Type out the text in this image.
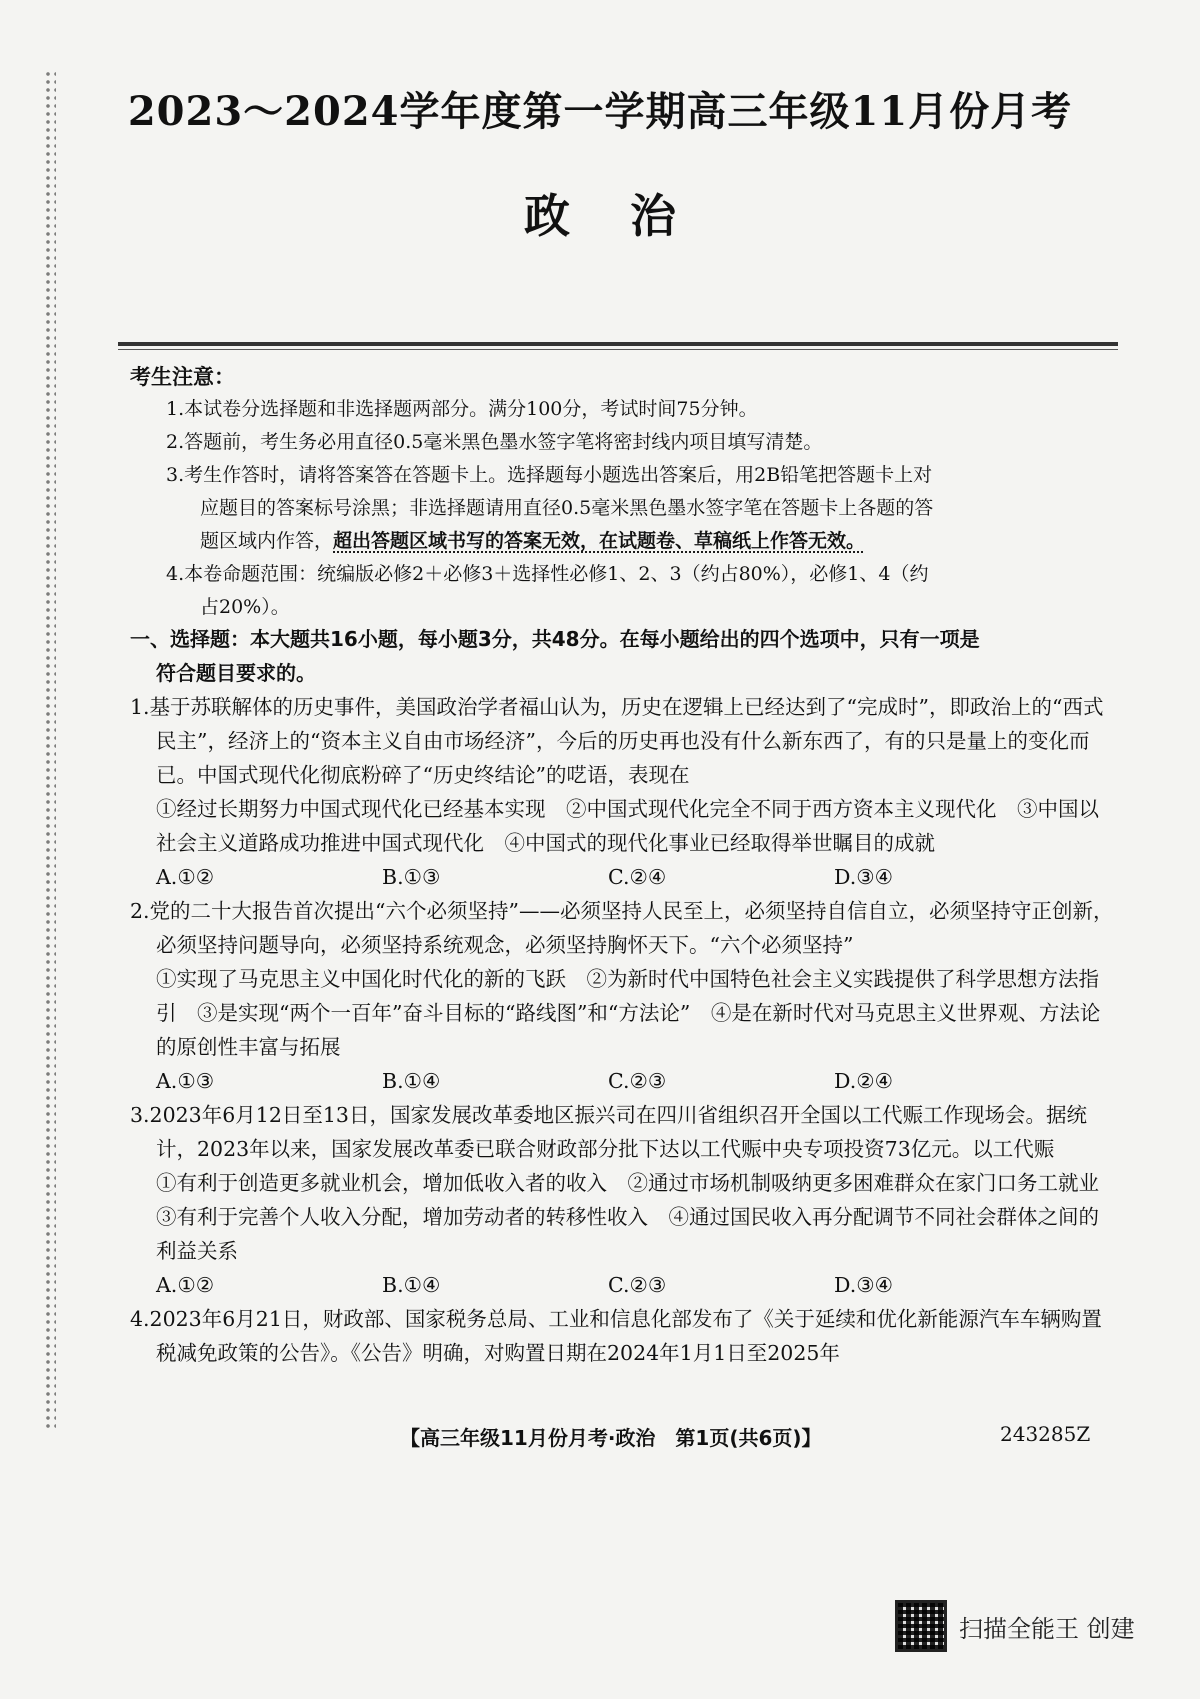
2023～2024学年度第一学期高三年级11月份月考
政治
考生注意：
1.本试卷分选择题和非选择题两部分。满分100分，考试时间75分钟。
2.答题前，考生务必用直径0.5毫米黑色墨水签字笔将密封线内项目填写清楚。
3.考生作答时，请将答案答在答题卡上。选择题每小题选出答案后，用2B铅笔把答题卡上对
应题目的答案标号涂黑；非选择题请用直径0.5毫米黑色墨水签字笔在答题卡上各题的答
题区域内作答，超出答题区域书写的答案无效，在试题卷、草稿纸上作答无效。
4.本卷命题范围：统编版必修2＋必修3＋选择性必修1、2、3（约占80%），必修1、4（约
占20%）。
一、选择题：本大题共16小题，每小题3分，共48分。在每小题给出的四个选项中，只有一项是
符合题目要求的。
1.基于苏联解体的历史事件，美国政治学者福山认为，历史在逻辑上已经达到了“完成时”，即政治上的“西式民主”，经济上的“资本主义自由市场经济”，今后的历史再也没有什么新东西了，有的只是量上的变化而已。中国式现代化彻底粉碎了“历史终结论”的呓语，表现在
①经过长期努力中国式现代化已经基本实现　②中国式现代化完全不同于西方资本主义现代化　③中国以社会主义道路成功推进中国式现代化　④中国式的现代化事业已经取得举世瞩目的成就
A.①②	B.①③	C.②④	D.③④
2.党的二十大报告首次提出“六个必须坚持”——必须坚持人民至上，必须坚持自信自立，必须坚持守正创新，必须坚持问题导向，必须坚持系统观念，必须坚持胸怀天下。“六个必须坚持”
①实现了马克思主义中国化时代化的新的飞跃　②为新时代中国特色社会主义实践提供了科学思想方法指引　③是实现“两个一百年”奋斗目标的“路线图”和“方法论”　④是在新时代对马克思主义世界观、方法论的原创性丰富与拓展
A.①③	B.①④	C.②③	D.②④
3.2023年6月12日至13日，国家发展改革委地区振兴司在四川省组织召开全国以工代赈工作现场会。据统计，2023年以来，国家发展改革委已联合财政部分批下达以工代赈中央专项投资73亿元。以工代赈
①有利于创造更多就业机会，增加低收入者的收入　②通过市场机制吸纳更多困难群众在家门口务工就业　③有利于完善个人收入分配，增加劳动者的转移性收入　④通过国民收入再分配调节不同社会群体之间的利益关系
A.①②	B.①④	C.②③	D.③④
4.2023年6月21日，财政部、国家税务总局、工业和信息化部发布了《关于延续和优化新能源汽车车辆购置税减免政策的公告》。《公告》明确，对购置日期在2024年1月1日至2025年
【高三年级11月份月考·政治　第1页(共6页)】	243285Z
扫描全能王 创建
